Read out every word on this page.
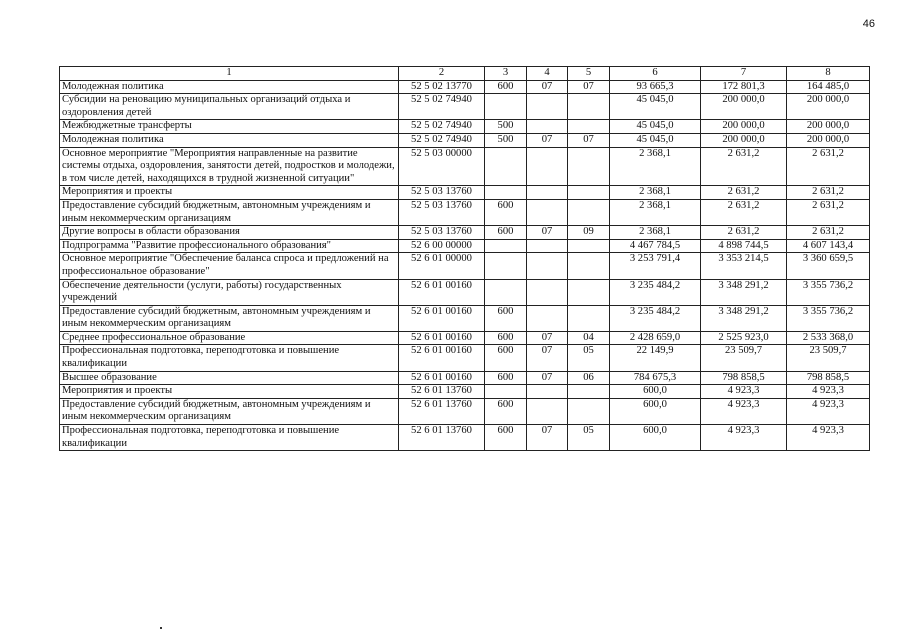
46
1	2	3	4	5	6	7	8
Молодежная политика	52 5 02 13770	600	07	07	93 665,3	172 801,3	164 485,0
Субсидии на реновацию муниципальных организаций отдыха и оздоровления детей	52 5 02 74940				45 045,0	200 000,0	200 000,0
Межбюджетные трансферты	52 5 02 74940	500			45 045,0	200 000,0	200 000,0
Молодежная политика	52 5 02 74940	500	07	07	45 045,0	200 000,0	200 000,0
Основное мероприятие "Мероприятия направленные на развитие системы отдыха, оздоровления, занятости детей, подростков и молодежи, в том числе детей, находящихся в трудной жизненной ситуации"	52 5 03 00000				2 368,1	2 631,2	2 631,2
Мероприятия и проекты	52 5 03 13760				2 368,1	2 631,2	2 631,2
Предоставление субсидий бюджетным, автономным учреждениям и иным некоммерческим организациям	52 5 03 13760	600			2 368,1	2 631,2	2 631,2
Другие вопросы в области образования	52 5 03 13760	600	07	09	2 368,1	2 631,2	2 631,2
Подпрограмма "Развитие профессионального образования"	52 6 00 00000				4 467 784,5	4 898 744,5	4 607 143,4
Основное мероприятие "Обеспечение баланса спроса и предложений на профессиональное образование"	52 6 01 00000				3 253 791,4	3 353 214,5	3 360 659,5
Обеспечение деятельности (услуги, работы) государственных учреждений	52 6 01 00160				3 235 484,2	3 348 291,2	3 355 736,2
Предоставление субсидий бюджетным, автономным учреждениям и иным некоммерческим организациям	52 6 01 00160	600			3 235 484,2	3 348 291,2	3 355 736,2
Среднее профессиональное образование	52 6 01 00160	600	07	04	2 428 659,0	2 525 923,0	2 533 368,0
Профессиональная подготовка, переподготовка и повышение квалификации	52 6 01 00160	600	07	05	22 149,9	23 509,7	23 509,7
Высшее образование	52 6 01 00160	600	07	06	784 675,3	798 858,5	798 858,5
Мероприятия и проекты	52 6 01 13760				600,0	4 923,3	4 923,3
Предоставление субсидий бюджетным, автономным учреждениям и иным некоммерческим организациям	52 6 01 13760	600			600,0	4 923,3	4 923,3
Профессиональная подготовка, переподготовка и повышение квалификации	52 6 01 13760	600	07	05	600,0	4 923,3	4 923,3
